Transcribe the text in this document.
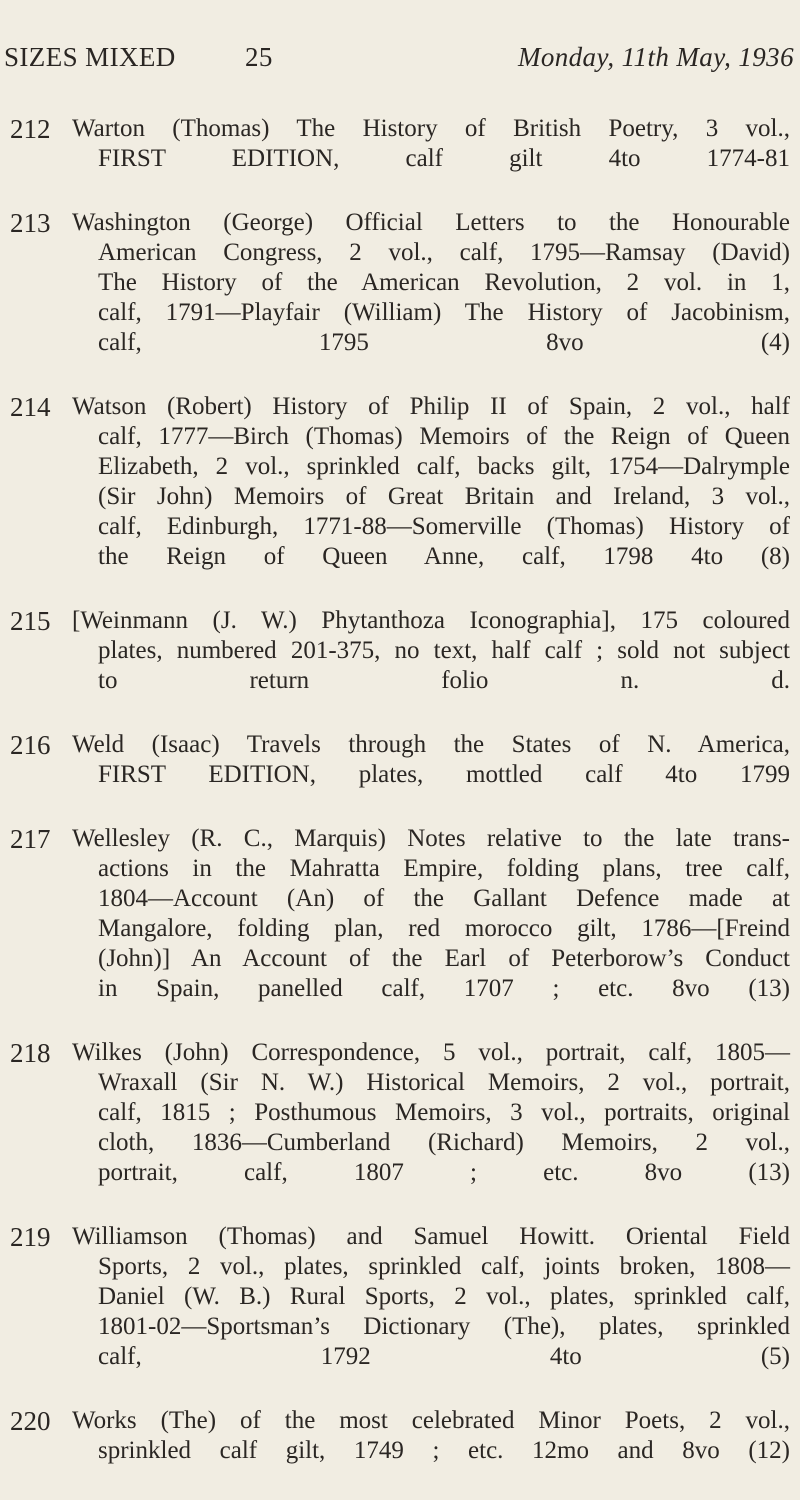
SIZES MIXED	25	Monday, 11th May, 1936
212 Warton (Thomas) The History of British Poetry, 3 vol.,
FIRST EDITION, calf gilt 4to 1774-81
213 Washington (George) Official Letters to the Honourable
American Congress, 2 vol., calf, 1795—Ramsay (David)
The History of the American Revolution, 2 vol. in 1,
calf, 1791—Playfair (William) The History of Jacobinism,
calf, 1795 8vo (4)
214 Watson (Robert) History of Philip II of Spain, 2 vol., half
calf, 1777—Birch (Thomas) Memoirs of the Reign of Queen
Elizabeth, 2 vol., sprinkled calf, backs gilt, 1754—Dalrymple
(Sir John) Memoirs of Great Britain and Ireland, 3 vol.,
calf, Edinburgh, 1771-88—Somerville (Thomas) History of
the Reign of Queen Anne, calf, 1798 4to (8)
215 [Weinmann (J. W.) Phytanthoza Iconographia], 175 coloured
plates, numbered 201-375, no text, half calf ; sold not subject
to return folio n. d.
216 Weld (Isaac) Travels through the States of N. America,
FIRST EDITION, plates, mottled calf 4to 1799
217 Wellesley (R. C., Marquis) Notes relative to the late trans-
actions in the Mahratta Empire, folding plans, tree calf,
1804—Account (An) of the Gallant Defence made at
Mangalore, folding plan, red morocco gilt, 1786—[Freind
(John)] An Account of the Earl of Peterborow’s Conduct
in Spain, panelled calf, 1707 ; etc. 8vo (13)
218 Wilkes (John) Correspondence, 5 vol., portrait, calf, 1805—
Wraxall (Sir N. W.) Historical Memoirs, 2 vol., portrait,
calf, 1815 ; Posthumous Memoirs, 3 vol., portraits, original
cloth, 1836—Cumberland (Richard) Memoirs, 2 vol.,
portrait, calf, 1807 ; etc. 8vo (13)
219 Williamson (Thomas) and Samuel Howitt. Oriental Field
Sports, 2 vol., plates, sprinkled calf, joints broken, 1808—
Daniel (W. B.) Rural Sports, 2 vol., plates, sprinkled calf,
1801-02—Sportsman’s Dictionary (The), plates, sprinkled
calf, 1792 4to (5)
220 Works (The) of the most celebrated Minor Poets, 2 vol.,
sprinkled calf gilt, 1749 ; etc. 12mo and 8vo (12)
